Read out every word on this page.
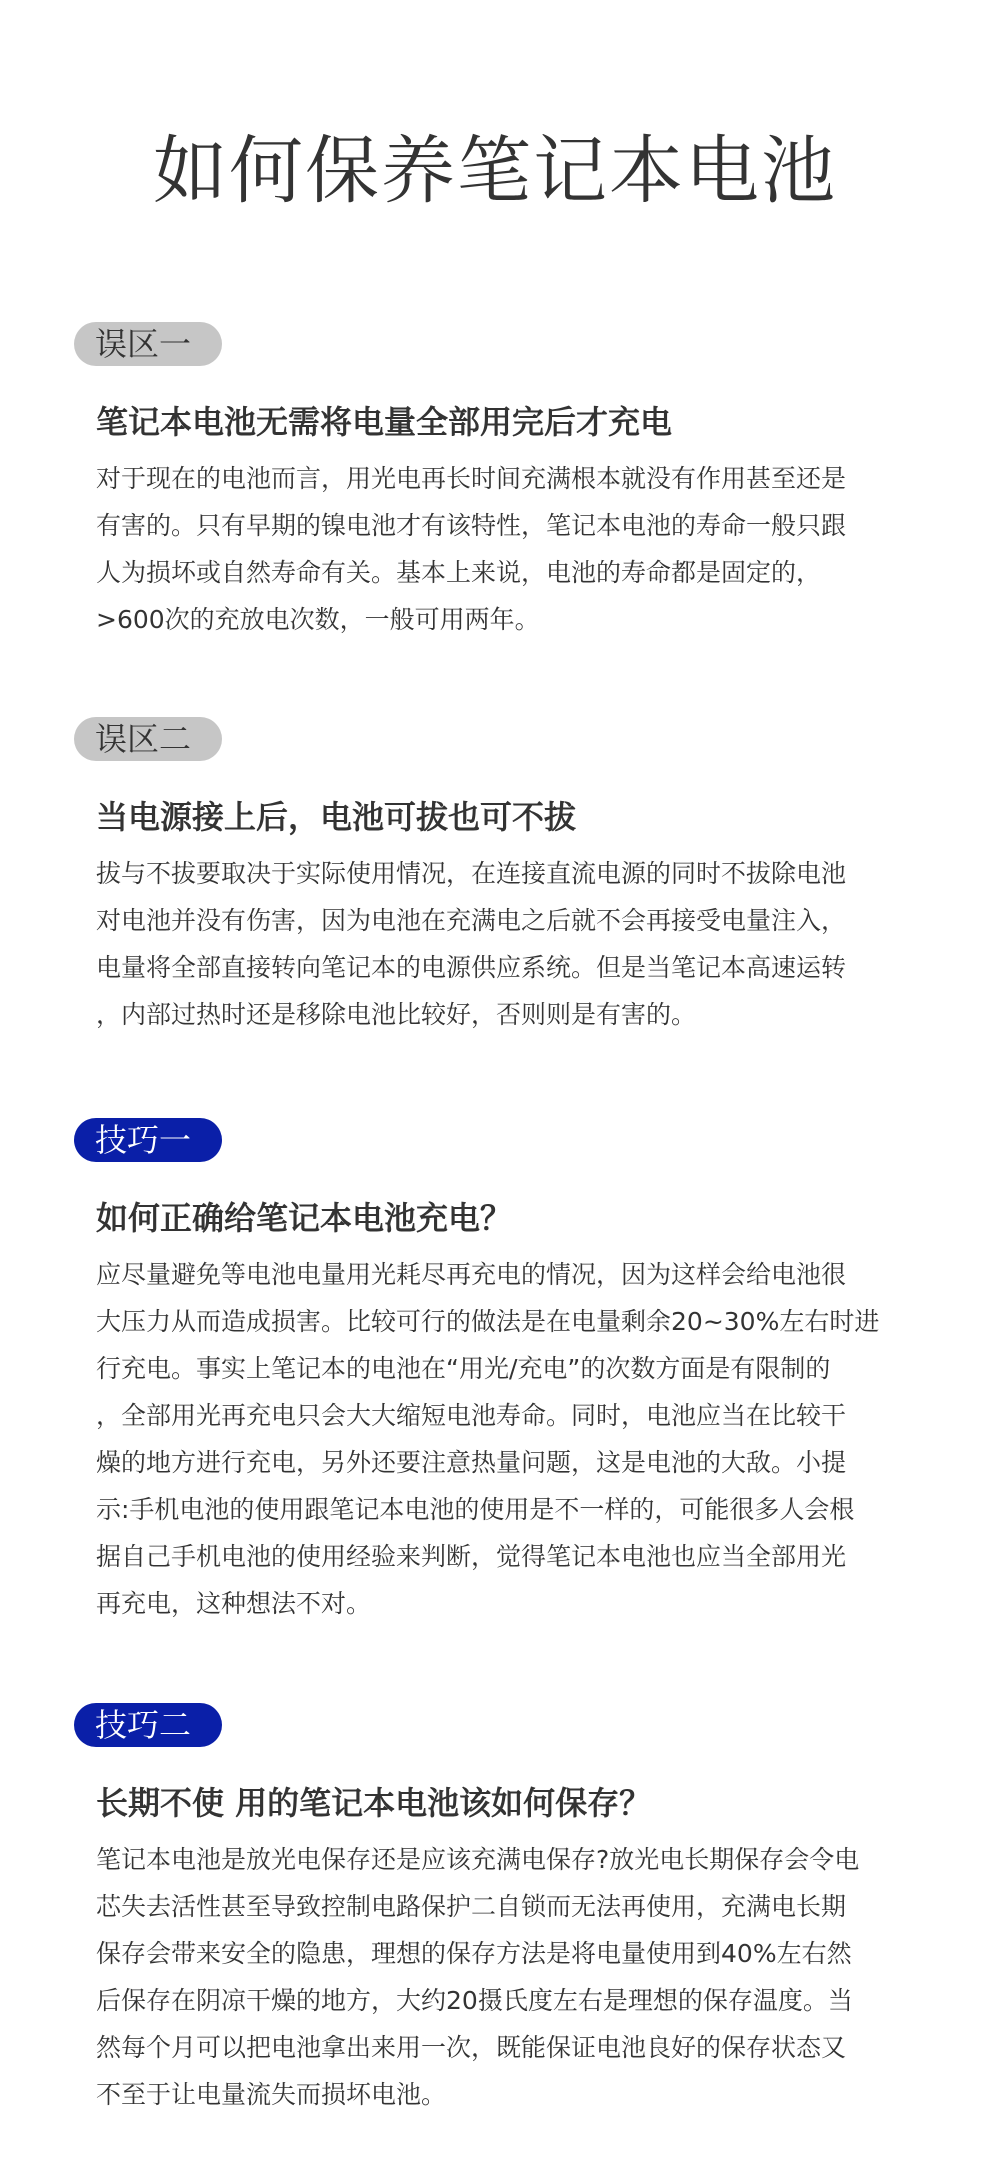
如何保养笔记本电池
误区一
笔记本电池无需将电量全部用完后才充电

对于现在的电池而言，用光电再长时间充满根本就没有作用甚至还是
有害的。只有早期的镍电池才有该特性，笔记本电池的寿命一般只跟
人为损坏或自然寿命有关。基本上来说，电池的寿命都是固定的，
>600次的充放电次数，一般可用两年。

误区二
当电源接上后，电池可拔也可不拔

拔与不拔要取决于实际使用情况，在连接直流电源的同时不拔除电池
对电池并没有伤害，因为电池在充满电之后就不会再接受电量注入，
电量将全部直接转向笔记本的电源供应系统。但是当笔记本高速运转
，内部过热时还是移除电池比较好，否则则是有害的。

技巧一
如何正确给笔记本电池充电？

应尽量避免等电池电量用光耗尽再充电的情况，因为这样会给电池很
大压力从而造成损害。比较可行的做法是在电量剩余20~30%左右时进
行充电。事实上笔记本的电池在“用光/充电”的次数方面是有限制的
，全部用光再充电只会大大缩短电池寿命。同时，电池应当在比较干
燥的地方进行充电，另外还要注意热量问题，这是电池的大敌。小提
示:手机电池的使用跟笔记本电池的使用是不一样的，可能很多人会根
据自己手机电池的使用经验来判断，觉得笔记本电池也应当全部用光
再充电，这种想法不对。

技巧二
长期不使 用的笔记本电池该如何保存？

笔记本电池是放光电保存还是应该充满电保存?放光电长期保存会令电
芯失去活性甚至导致控制电路保护二自锁而无法再使用，充满电长期
保存会带来安全的隐患，理想的保存方法是将电量使用到40%左右然
后保存在阴凉干燥的地方，大约20摄氏度左右是理想的保存温度。当
然每个月可以把电池拿出来用一次，既能保证电池良好的保存状态又
不至于让电量流失而损坏电池。
